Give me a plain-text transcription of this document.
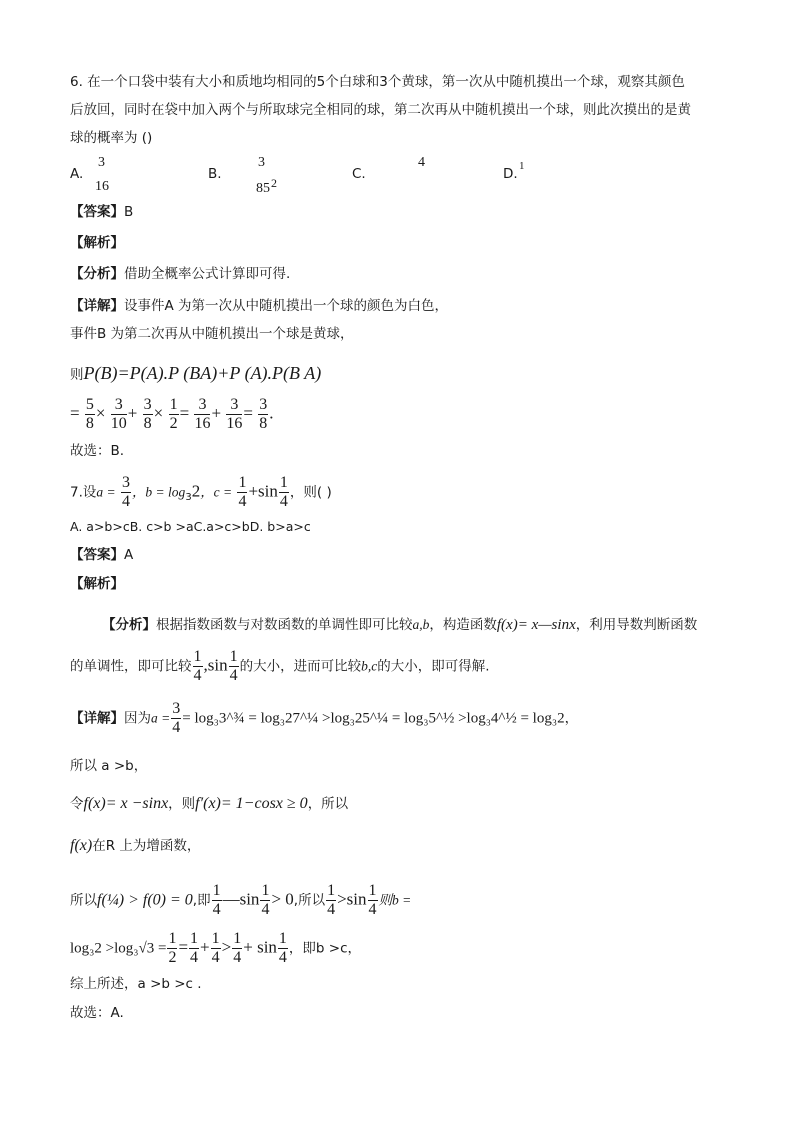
6. 在一个口袋中装有大小和质地均相同的5个白球和3个黄球，第一次从中随机摸出一个球，观察其颜色
后放回，同时在袋中加入两个与所取球完全相同的球，第二次再从中随机摸出一个球，则此次摸出的是黄
球的概率为 ()
A.
3
16
B.
3
85 2
C.
4
D. 1
【答案】B
【解析】
【分析】借助全概率公式计算即可得.
【详解】设事件A 为第一次从中随机摸出一个球的颜色为白色，
事件B 为第二次再从中随机摸出一个球是黄球，
则P(B)=P(A).P (BA)+P (A).P(B A)
= $\frac{5}{8} \times \frac{3}{10} + \frac{3}{8} \times \frac{1}{2} = \frac{3}{16} + \frac{3}{16} = \frac{3}{8}$ .
故选：B.
7.设$a = \frac{3}{4}$ ，$b = \log_32$，$c = \frac{1}{4} +\sin \frac{1}{4}$ ，则( )
A. a>b>cB. c>b >aC.a>c>bD. b>a>c
【答案】A
【解析】
【分析】根据指数函数与对数函数的单调性即可比较a,b，构造函数f(x)= x—sinx，利用导数判断函数
的单调性，即可比较 $\frac{1}{4} ,\sin \frac{1}{4}$ 的大小，进而可比较b,c的大小，即可得解.
【详解】因为$a = \frac{3}{4}$ = log₃3^¾ = log₃27^¼ >log₃25^¼ = log₃5^½ >log₃4^½ = log₃2，
所以 a >b，
令f(x)= x −sinx，则f′(x)= 1−cosx ≥ 0，所以
f(x)在R 上为增函数，
所以f(¼) > f(0) = 0,即 $\frac{1}{4}$ —sin $\frac{1}{4} > 0$,所以 $\frac{1}{4} >\sin \frac{1}{4}$ 则b =
$\log_32 >\log_3√3 = \frac{1}{2} = \frac{1}{4} + \frac{1}{4} > \frac{1}{4} + \sin \frac{1}{4}$ ，即b >c，
综上所述，a >b >c .
故选：A.
